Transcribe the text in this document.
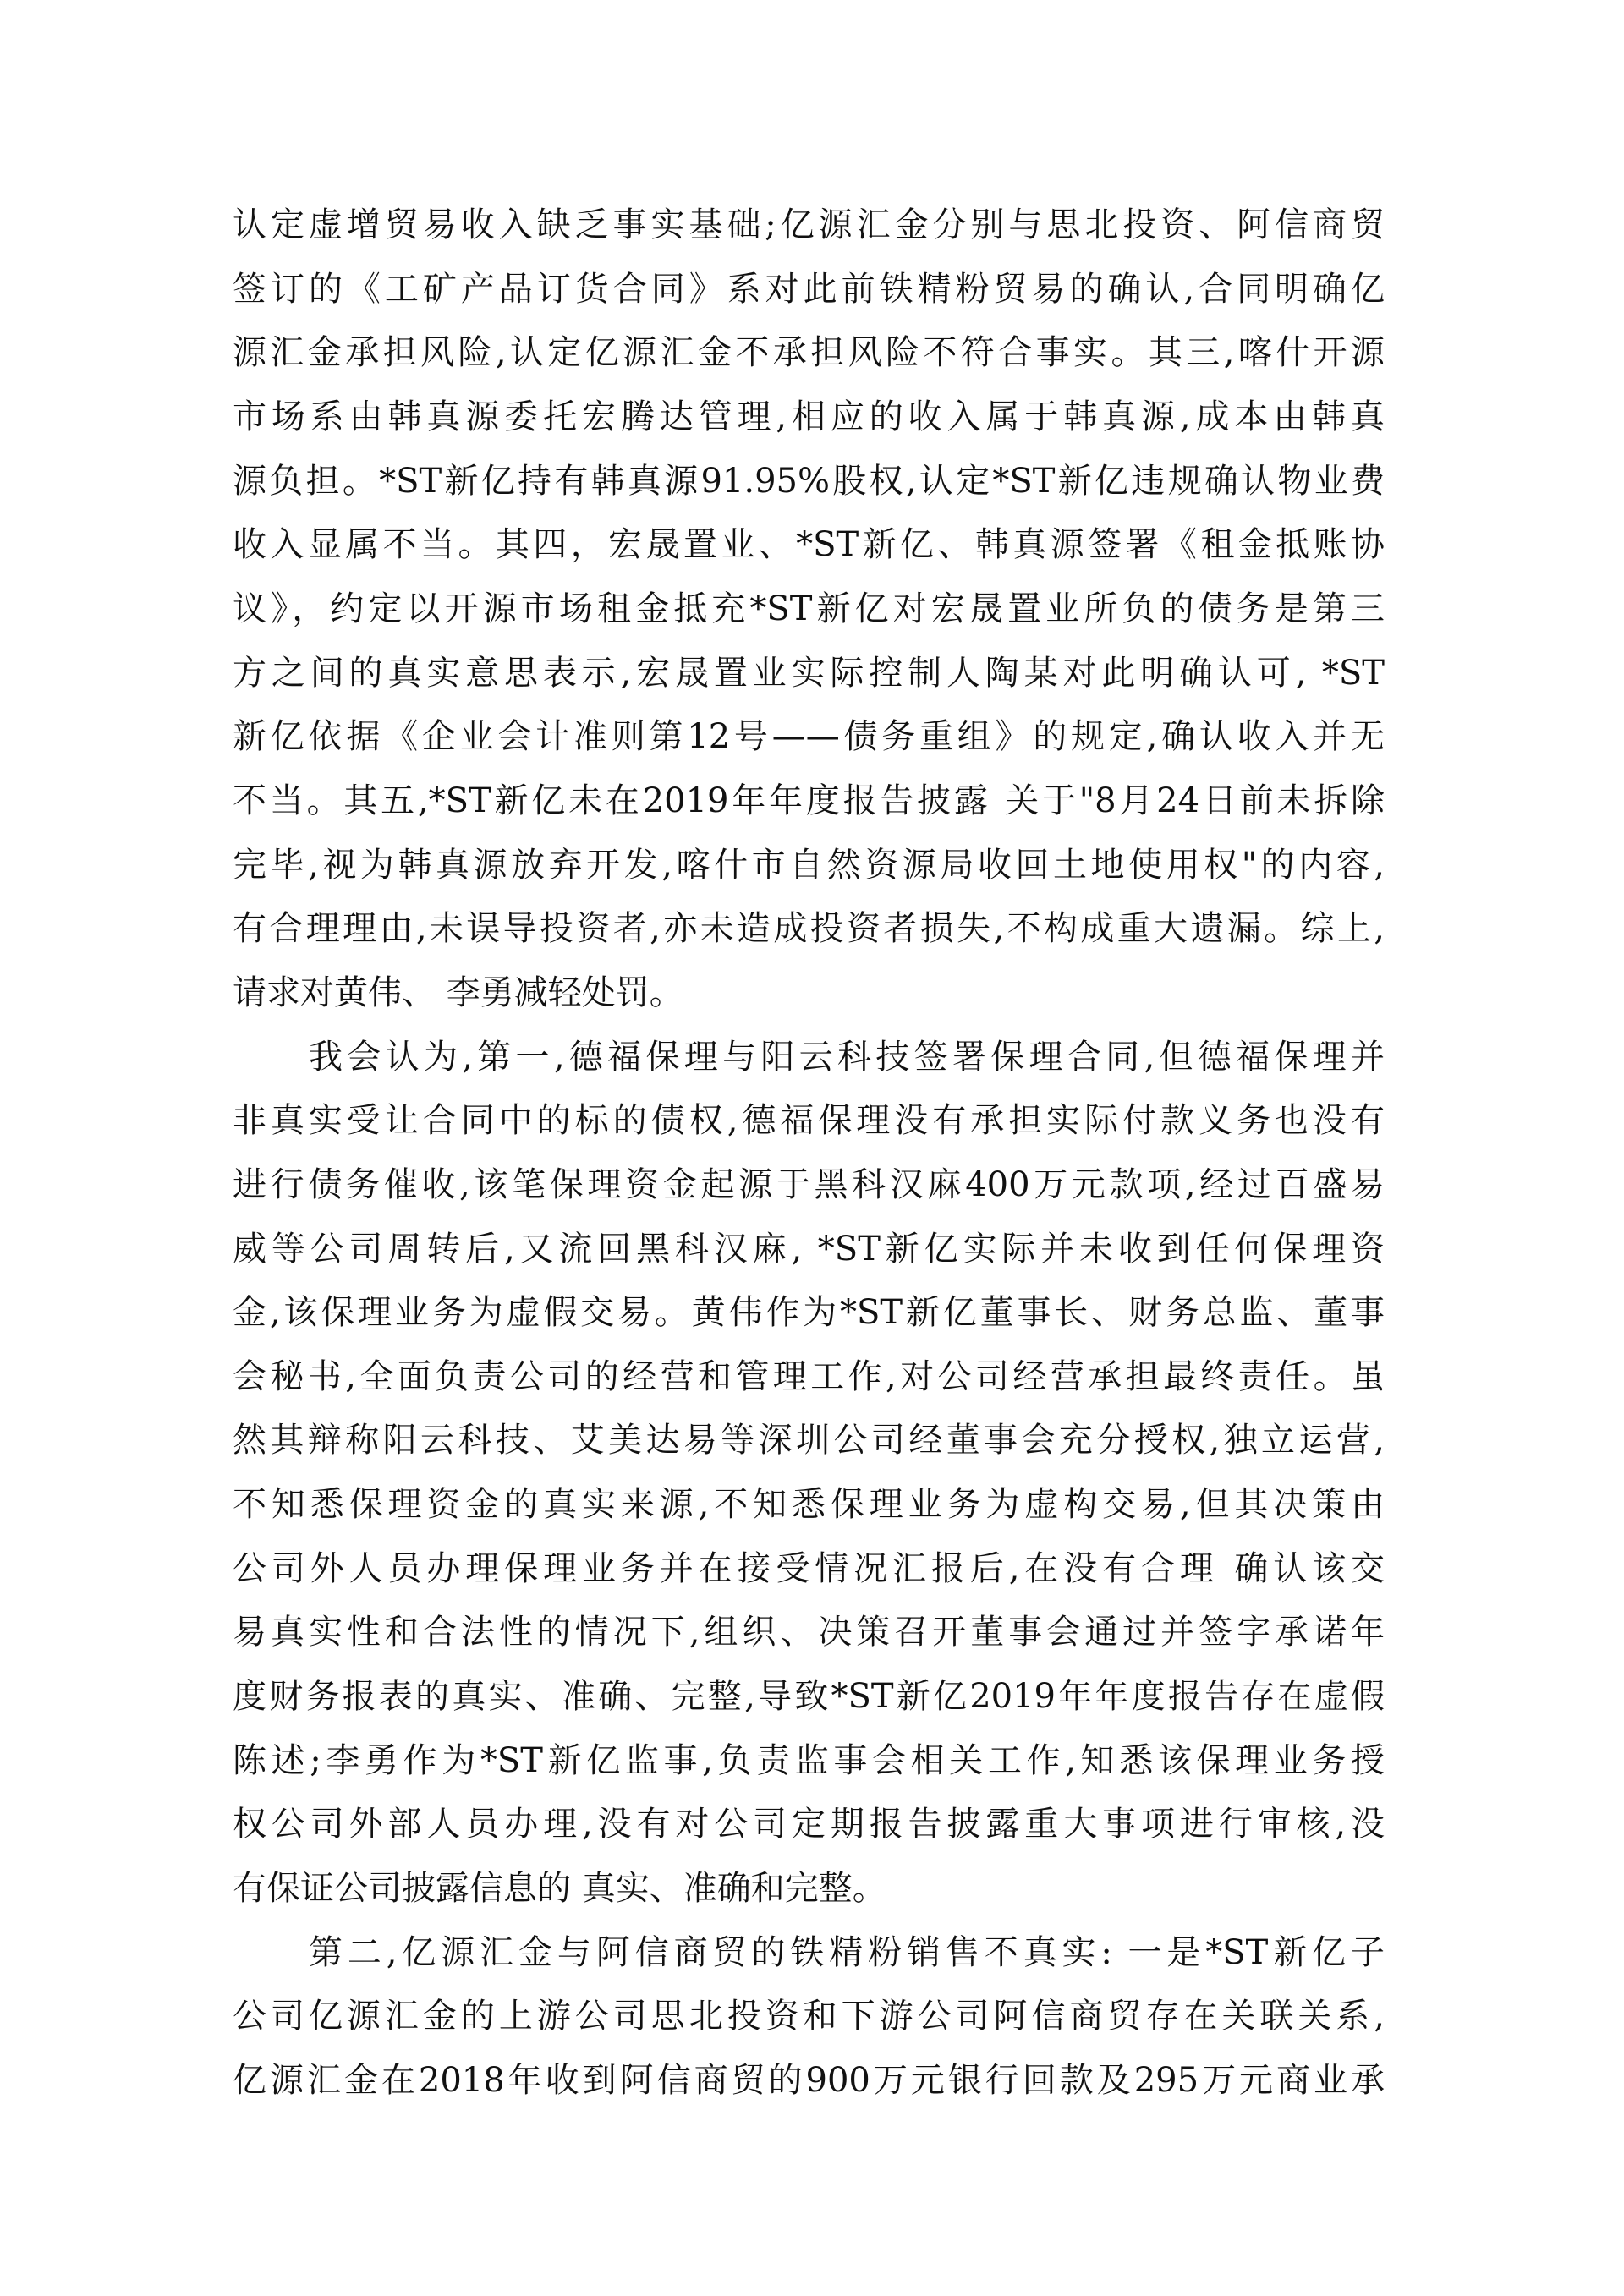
认定虚增贸易收入缺乏事实基础;亿源汇金分别与思北投资、阿信商贸
签订的《工矿产品订货合同》系对此前铁精粉贸易的确认,合同明确亿
源汇金承担风险,认定亿源汇金不承担风险不符合事实。其三,喀什开源
市场系由韩真源委托宏腾达管理,相应的收入属于韩真源,成本由韩真
源负担。*ST新亿持有韩真源91.95%股权,认定*ST新亿违规确认物业费
收入显属不当。其四，宏晟置业、*ST新亿、韩真源签署《租金抵账协
议》，约定以开源市场租金抵充*ST新亿对宏晟置业所负的债务是第三
方之间的真实意思表示,宏晟置业实际控制人陶某对此明确认可, *ST
新亿依据《企业会计准则第12号——债务重组》的规定,确认收入并无
不当。其五,*ST新亿未在2019年年度报告披露 关于"8月24日前未拆除
完毕,视为韩真源放弃开发,喀什市自然资源局收回土地使用权"的内容,
有合理理由,未误导投资者,亦未造成投资者损失,不构成重大遗漏。综上,
请求对黄伟、 李勇减轻处罚。
我会认为,第一,德福保理与阳云科技签署保理合同,但德福保理并
非真实受让合同中的标的债权,德福保理没有承担实际付款义务也没有
进行债务催收,该笔保理资金起源于黑科汉麻400万元款项,经过百盛易
威等公司周转后,又流回黑科汉麻, *ST新亿实际并未收到任何保理资
金,该保理业务为虚假交易。黄伟作为*ST新亿董事长、财务总监、董事
会秘书,全面负责公司的经营和管理工作,对公司经营承担最终责任。虽
然其辩称阳云科技、艾美达易等深圳公司经董事会充分授权,独立运营,
不知悉保理资金的真实来源,不知悉保理业务为虚构交易,但其决策由
公司外人员办理保理业务并在接受情况汇报后,在没有合理 确认该交
易真实性和合法性的情况下,组织、决策召开董事会通过并签字承诺年
度财务报表的真实、准确、完整,导致*ST新亿2019年年度报告存在虚假
陈述;李勇作为*ST新亿监事,负责监事会相关工作,知悉该保理业务授
权公司外部人员办理,没有对公司定期报告披露重大事项进行审核,没
有保证公司披露信息的 真实、准确和完整。
第二,亿源汇金与阿信商贸的铁精粉销售不真实: 一是*ST新亿子
公司亿源汇金的上游公司思北投资和下游公司阿信商贸存在关联关系,
亿源汇金在2018年收到阿信商贸的900万元银行回款及295万元商业承
